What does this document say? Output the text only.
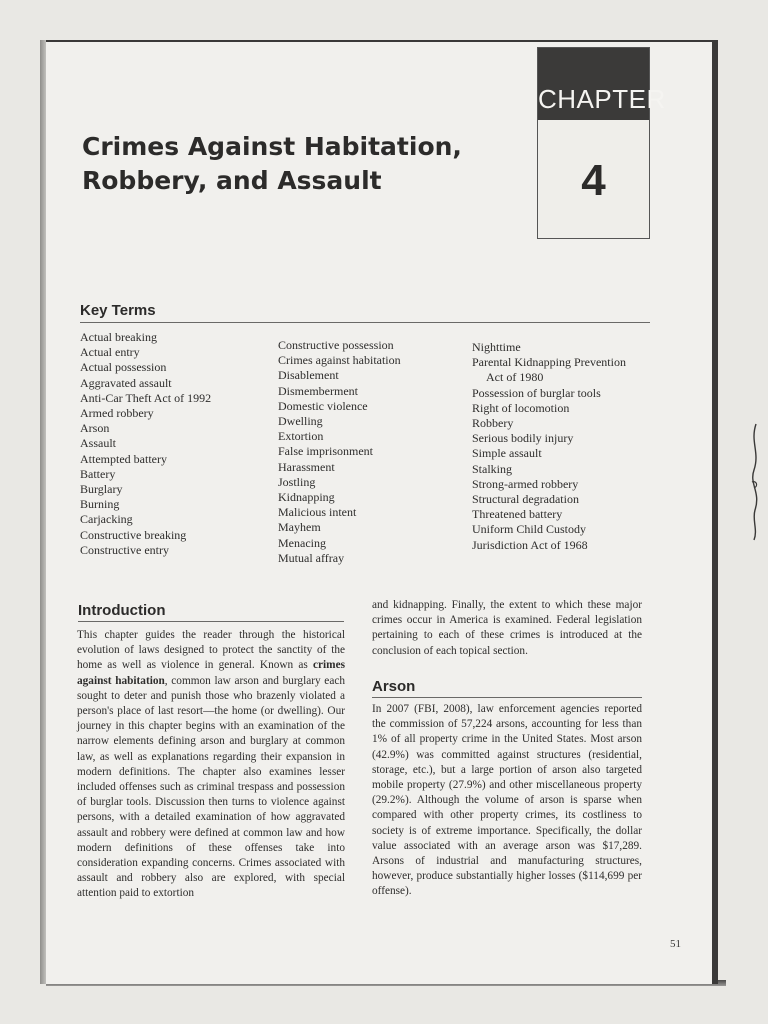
CHAPTER
4
Crimes Against Habitation,
Robbery, and Assault
Key Terms
Actual breaking
Actual entry
Actual possession
Aggravated assault
Anti-Car Theft Act of 1992
Armed robbery
Arson
Assault
Attempted battery
Battery
Burglary
Burning
Carjacking
Constructive breaking
Constructive entry
Constructive possession
Crimes against habitation
Disablement
Dismemberment
Domestic violence
Dwelling
Extortion
False imprisonment
Harassment
Jostling
Kidnapping
Malicious intent
Mayhem
Menacing
Mutual affray
Nighttime
Parental Kidnapping Prevention
Act of 1980
Possession of burglar tools
Right of locomotion
Robbery
Serious bodily injury
Simple assault
Stalking
Strong-armed robbery
Structural degradation
Threatened battery
Uniform Child Custody
Jurisdiction Act of 1968
Introduction

This chapter guides the reader through the historical evolution of laws designed to protect the sanctity of the home as well as violence in general. Known as crimes against habitation, common law arson and burglary each sought to deter and punish those who brazenly violated a person's place of last resort—the home (or dwelling). Our journey in this chapter begins with an examination of the narrow elements defining arson and burglary at common law, as well as explanations regarding their expansion in modern definitions. The chapter also examines lesser included offenses such as criminal trespass and possession of burglar tools. Discussion then turns to violence against persons, with a detailed examination of how aggravated assault and robbery were defined at common law and how modern definitions of these offenses take into consideration expanding concerns. Crimes associated with assault and robbery also are explored, with special attention paid to extortion

and kidnapping. Finally, the extent to which these major crimes occur in America is examined. Federal legislation pertaining to each of these crimes is introduced at the conclusion of each topical section.

Arson

In 2007 (FBI, 2008), law enforcement agencies reported the commission of 57,224 arsons, accounting for less than 1% of all property crime in the United States. Most arson (42.9%) was committed against structures (residential, storage, etc.), but a large portion of arson also targeted mobile property (27.9%) and other miscellaneous property (29.2%). Although the volume of arson is sparse when compared with other property crimes, its costliness to society is of extreme importance. Specifically, the dollar value associated with an average arson was $17,289. Arsons of industrial and manufacturing structures, however, produce substantially higher losses ($114,699 per offense).

51
